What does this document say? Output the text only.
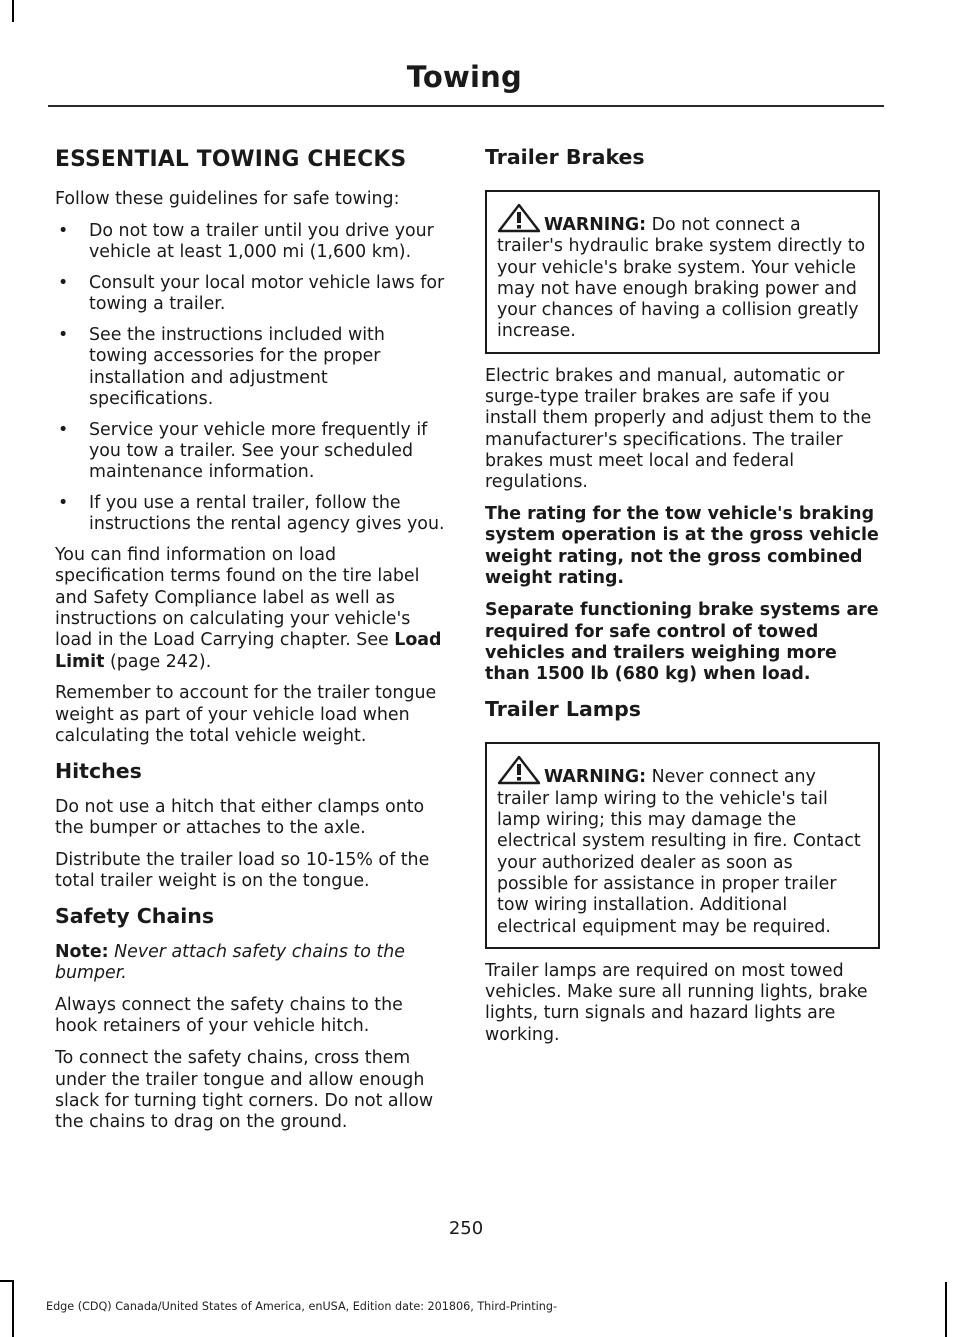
Towing
ESSENTIAL TOWING CHECKS

Follow these guidelines for safe towing:

• Do not tow a trailer until you drive your vehicle at least 1,000 mi (1,600 km).
• Consult your local motor vehicle laws for towing a trailer.
• See the instructions included with towing accessories for the proper installation and adjustment specifications.
• Service your vehicle more frequently if you tow a trailer. See your scheduled maintenance information.
• If you use a rental trailer, follow the instructions the rental agency gives you.

You can find information on load specification terms found on the tire label and Safety Compliance label as well as instructions on calculating your vehicle's load in the Load Carrying chapter. See Load Limit (page 242).

Remember to account for the trailer tongue weight as part of your vehicle load when calculating the total vehicle weight.

Hitches

Do not use a hitch that either clamps onto the bumper or attaches to the axle.

Distribute the trailer load so 10-15% of the total trailer weight is on the tongue.

Safety Chains

Note: Never attach safety chains to the bumper.

Always connect the safety chains to the hook retainers of your vehicle hitch.

To connect the safety chains, cross them under the trailer tongue and allow enough slack for turning tight corners. Do not allow the chains to drag on the ground.

Trailer Brakes

WARNING: Do not connect a trailer's hydraulic brake system directly to your vehicle's brake system. Your vehicle may not have enough braking power and your chances of having a collision greatly increase.

Electric brakes and manual, automatic or surge-type trailer brakes are safe if you install them properly and adjust them to the manufacturer's specifications. The trailer brakes must meet local and federal regulations.

The rating for the tow vehicle's braking system operation is at the gross vehicle weight rating, not the gross combined weight rating.

Separate functioning brake systems are required for safe control of towed vehicles and trailers weighing more than 1500 lb (680 kg) when load.

Trailer Lamps

WARNING: Never connect any trailer lamp wiring to the vehicle's tail lamp wiring; this may damage the electrical system resulting in fire. Contact your authorized dealer as soon as possible for assistance in proper trailer tow wiring installation. Additional electrical equipment may be required.

Trailer lamps are required on most towed vehicles. Make sure all running lights, brake lights, turn signals and hazard lights are working.

250
Edge (CDQ) Canada/United States of America, enUSA, Edition date: 201806, Third-Printing-
